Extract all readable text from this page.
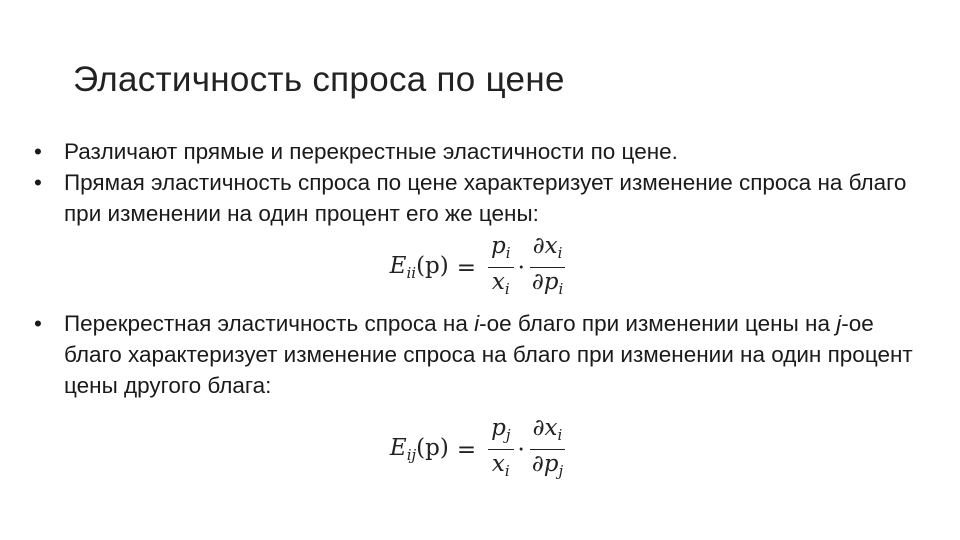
Эластичность спроса по цене
• Различают прямые и перекрестные эластичности по цене.
• Прямая эластичность спроса по цене характеризует изменение спроса на благо при изменении на один процент его же цены:
$E_{ii}(p) = \frac{p_i}{x_i} \cdot \frac{\partial x_i}{\partial p_i}$
• Перекрестная эластичность спроса на i-ое благо при изменении цены на j-ое благо характеризует изменение спроса на благо при изменении на один процент цены другого блага:
$E_{ij}(p) = \frac{p_j}{x_i} \cdot \frac{\partial x_i}{\partial p_j}$
